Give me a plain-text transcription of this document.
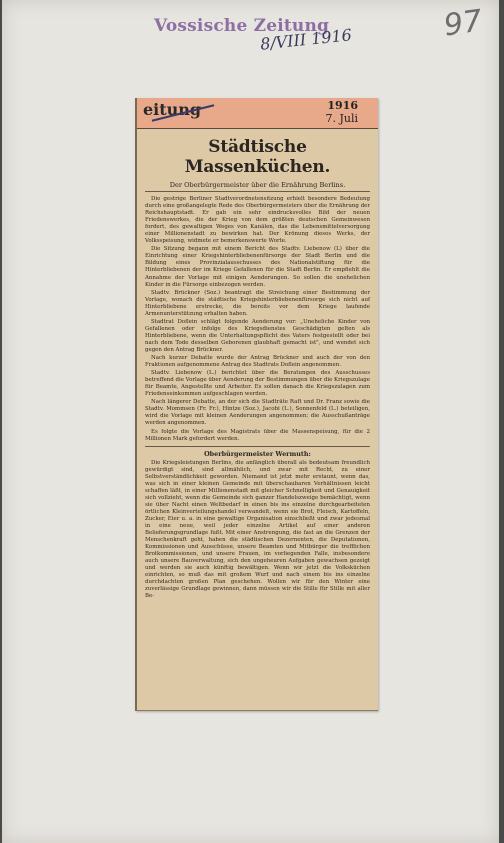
Vossische Zeitung
8/VIII 1916	97
eitung	1916
7. Juli
Städtische Massenküchen.
Der Oberbürgermeister über die Ernährung Berlins.

Die gestrige Berliner Stadtverordnetensitzung erhielt besondere Bedeutung durch eine großangelegte Rede des Oberbürgermeisters über die Ernährung der Reichshauptstadt. Er gab ein sehr eindrucksvolles Bild der neuen Friedenswerkes, die der Krieg von dem größten deutschen Gemeinwesen fordert, des gewaltigen Weges von Kanälen, das die Lebensmittelversorgung einer Millionenstadt zu bewirken hat. Der Krönung dieses Werks, der Volksspeisung, widmete er bemerkenswerte Worte.

Die Sitzung begann mit einem Bericht des Stadtv. Liebenow (L) über die Einrichtung einer Kriegshinterbliebenenfürsorge der Stadt Berlin und die Bildung eines Provinzialausschusses des Nationalstiftung für die Hinterbliebenen der im Kriege Gefallenen für die Stadt Berlin. Er empfiehlt die Annahme der Vorlage mit einigen Aenderungen. So sollen die unehelichen Kinder in die Fürsorge einbezogen werden.

Stadtv. Brückner (Soz.) beantragt die Streichung einer Bestimmung der Vorlage, wonach die städtische Kriegshinterbliebenenfürsorge sich nicht auf Hinterbliebene erstrecke, die bereits vor dem Kriege laufende Armenunterstützung erhalten haben.

Stadtrat Doflein schlägt folgende Aenderung vor: „Uneheliche Kinder von Gefallenen oder infolge des Kriegsdienstes Geschädigten gelten als Hinterbliebene, wenn die Unterhaltungspflicht des Vaters festgestellt oder bei nach dem Tode desselben Geborenen glaubhaft gemacht ist", und wendet sich gegen den Antrag Brückner.

Nach kurzer Debatte wurde der Antrag Brückner und auch der von den Fraktionen aufgenommene Antrag des Stadtrats Doflein angenommen.

Stadtv. Liebenow (L.) berichtet über die Beratungen des Ausschusses betreffend die Vorlage über Aenderung der Bestimmungen über die Kriegszulage für Beamte, Angestellte und Arbeiter. Es sollen danach die Kriegszulagen zum Friedenseinkommen aufgeschlagen werden.

Nach längerer Debatte, an der sich die Stadträte Raft und Dr. Franz sowie die Stadtv. Mommsen (Fr. Fr.), Hintze (Soz.), Jacobi (L.), Sonnenfeld (L.) beteiligen, wird die Vorlage mit kleinen Aenderungen angenommen; die Ausschußanträge werden angenommen.

Es folgte die Vorlage des Magistrats über die Massenspeisung, für die 2 Millionen Mark gefordert werden.

Oberbürgermeister Wermuth:

Die Kriegsleistungen Berlins, die anfänglich überall als bedeutsam freundlich gewürdigt sind, sind allmählich, und zwar mit Recht, zu einer Selbstverständlichkeit geworden. Niemand ist jetzt mehr erstaunt, wenn das, was sich in einer kleinen Gemeinde mit überschaubaren Verhältnissen leicht schaffen läßt, in einer Millionenstadt mit gleicher Schnelligkeit und Genauigkeit sich vollzieht, wenn die Gemeinde sich ganzer Handelszweige bemächtigt, wenn sie über Nacht einen Weltbedarf in einen bis ins einzelne durchgearbeiteten örtlichen Kleinverteilungshandel verwandelt, wenn sie Brot, Fleisch, Kartoffeln, Zucker, Eier u. a. in eine gewaltige Organisation einschließt und zwar jedesmal in eine neue, weil jeder einzelne Artikel auf einer anderen Belieferungsgrundlage fußt. Mit einer Anstrengung, die fast an die Grenzen der Menschenkraft geht, haben die städtischen Dezernenten, die Deputationen, Kommissionen und Ausschüsse, unsere Beamten und Mitbürger die trefflichen Brotkommissionen, und unsere Frauen, im vorliegenden Falle, insbesondere auch unsere Bauverwaltung, sich den ungeheuren Aufgaben gewachsen gezeigt und werden sie auch künftig bewältigen. Wenn wir jetzt die Volksküchen einrichten, so muß das mit großem Wurf und nach einem bis ins einzelne durchdachten großen Plan geschehen. Wollen wir für den Winter eine zuverlässige Grundlage gewinnen, dann müssen wir die Stille für Stille mit aller Be-
